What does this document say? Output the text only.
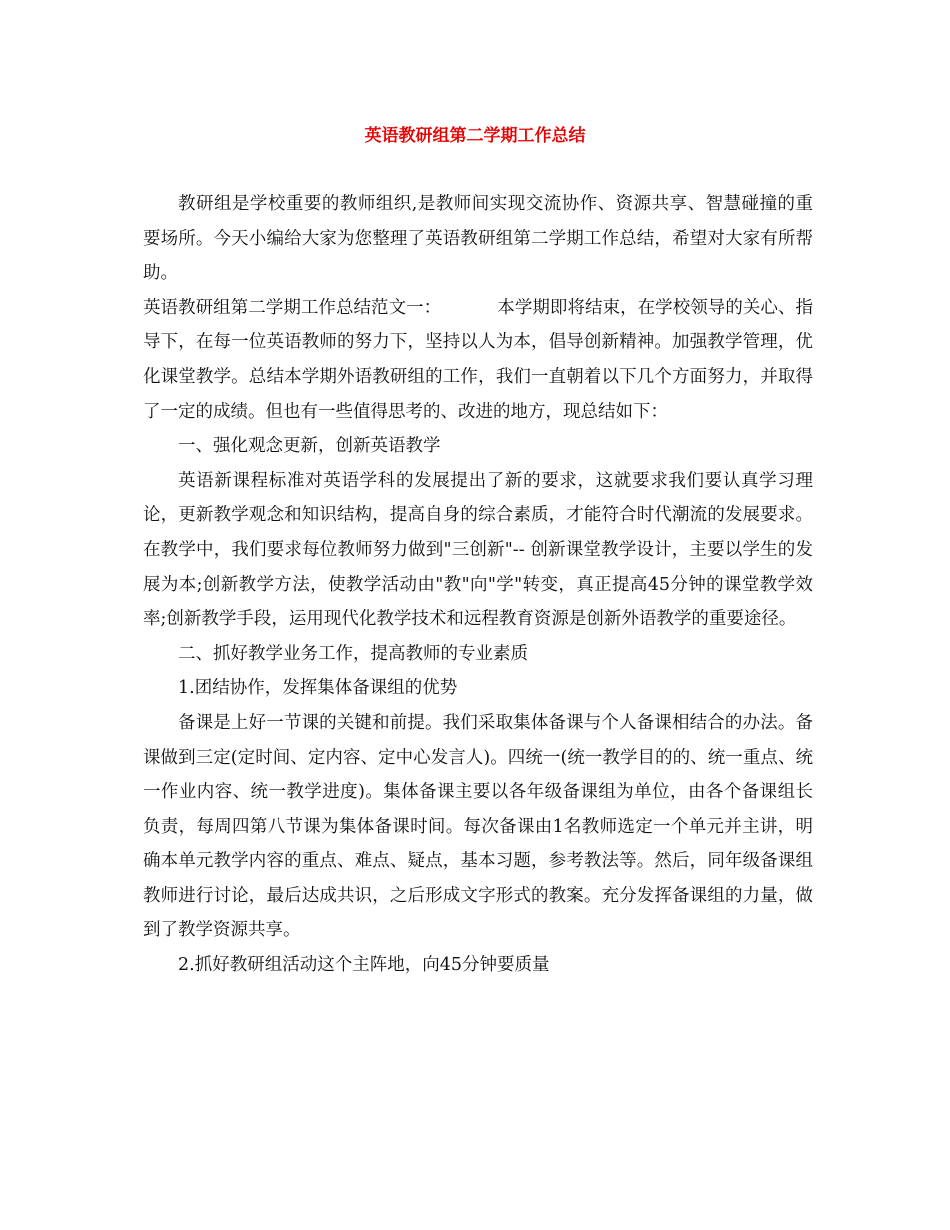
英语教研组第二学期工作总结

教研组是学校重要的教师组织,是教师间实现交流协作、资源共享、智慧碰撞的重要场所。今天小编给大家为您整理了英语教研组第二学期工作总结，希望对大家有所帮助。

英语教研组第二学期工作总结范文一：	本学期即将结束，在学校领导的关心、指导下，在每一位英语教师的努力下，坚持以人为本，倡导创新精神。加强教学管理，优化课堂教学。总结本学期外语教研组的工作，我们一直朝着以下几个方面努力，并取得了一定的成绩。但也有一些值得思考的、改进的地方，现总结如下：

一、强化观念更新，创新英语教学

英语新课程标准对英语学科的发展提出了新的要求，这就要求我们要认真学习理论，更新教学观念和知识结构，提高自身的综合素质，才能符合时代潮流的发展要求。在教学中，我们要求每位教师努力做到"三创新"-- 创新课堂教学设计，主要以学生的发展为本;创新教学方法，使教学活动由"教"向"学"转变，真正提高45分钟的课堂教学效率;创新教学手段，运用现代化教学技术和远程教育资源是创新外语教学的重要途径。

二、抓好教学业务工作，提高教师的专业素质

1.团结协作，发挥集体备课组的优势

备课是上好一节课的关键和前提。我们采取集体备课与个人备课相结合的办法。备课做到三定(定时间、定内容、定中心发言人)。四统一(统一教学目的的、统一重点、统一作业内容、统一教学进度)。集体备课主要以各年级备课组为单位，由各个备课组长负责，每周四第八节课为集体备课时间。每次备课由1名教师选定一个单元并主讲，明确本单元教学内容的重点、难点、疑点，基本习题，参考教法等。然后，同年级备课组教师进行讨论，最后达成共识，之后形成文字形式的教案。充分发挥备课组的力量，做到了教学资源共享。

2.抓好教研组活动这个主阵地，向45分钟要质量
